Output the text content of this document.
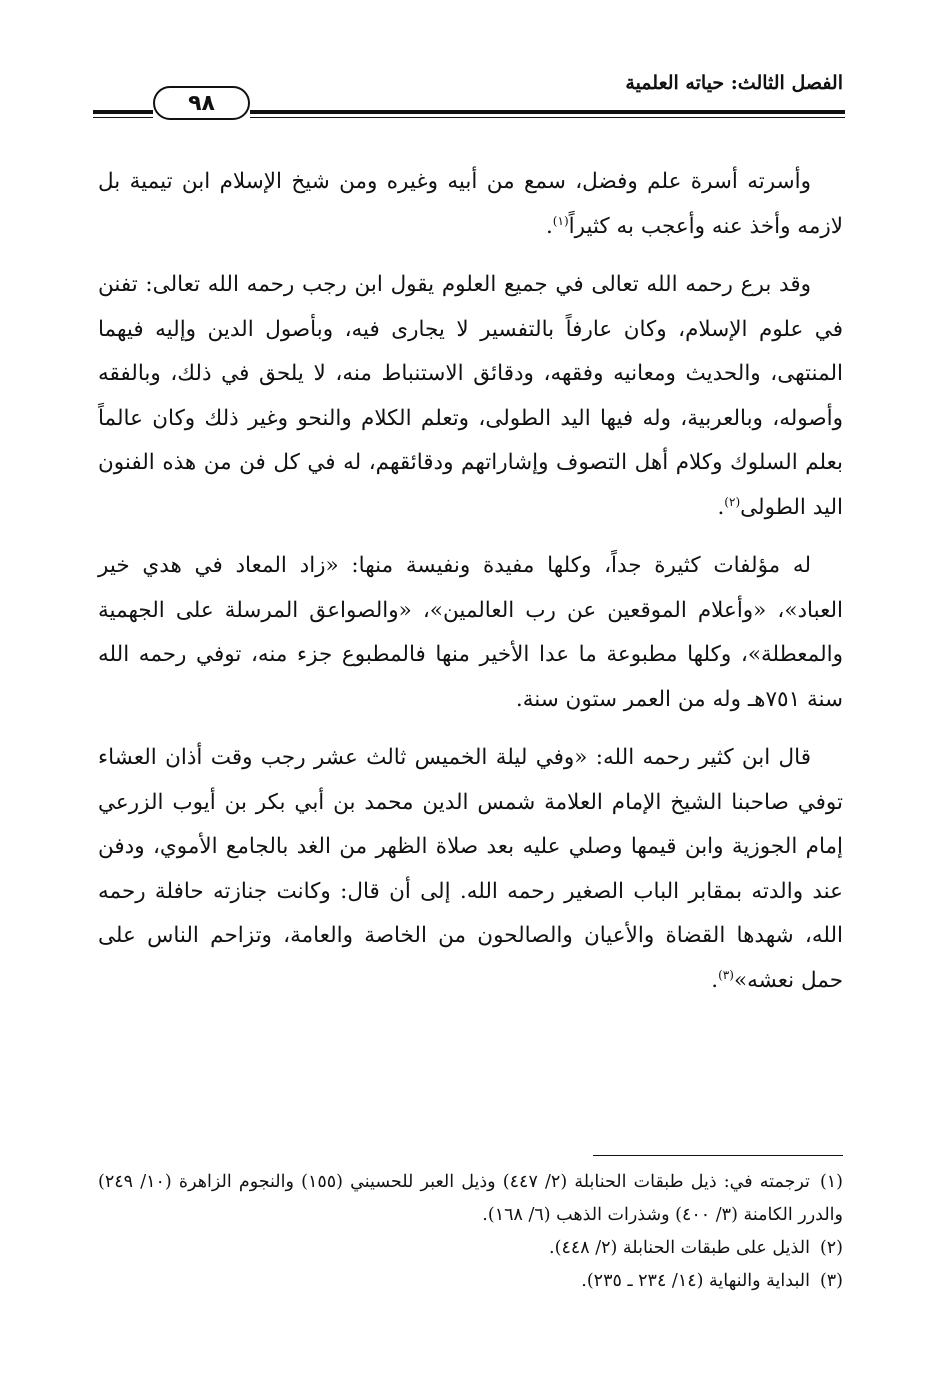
الفصل الثالث: حياته العلمية
٩٨

وأسرته أسرة علم وفضل، سمع من أبيه وغيره ومن شيخ الإسلام ابن تيمية بل لازمه وأخذ عنه وأعجب به كثيراً$^{(١)}$.

وقد برع رحمه الله تعالى في جميع العلوم يقول ابن رجب رحمه الله تعالى: تفنن في علوم الإسلام، وكان عارفاً بالتفسير لا يجارى فيه، وبأصول الدين وإليه فيهما المنتهى، والحديث ومعانيه وفقهه، ودقائق الاستنباط منه، لا يلحق في ذلك، وبالفقه وأصوله، وبالعربية، وله فيها اليد الطولى، وتعلم الكلام والنحو وغير ذلك وكان عالماً بعلم السلوك وكلام أهل التصوف وإشاراتهم ودقائقهم، له في كل فن من هذه الفنون اليد الطولى$^{(٢)}$.

له مؤلفات كثيرة جداً، وكلها مفيدة ونفيسة منها: «زاد المعاد في هدي خير العباد»، «وأعلام الموقعين عن رب العالمين»، «والصواعق المرسلة على الجهمية والمعطلة»، وكلها مطبوعة ما عدا الأخير منها فالمطبوع جزء منه، توفي رحمه الله سنة ٧٥١هـ وله من العمر ستون سنة.

قال ابن كثير رحمه الله: «وفي ليلة الخميس ثالث عشر رجب وقت أذان العشاء توفي صاحبنا الشيخ الإمام العلامة شمس الدين محمد بن أبي بكر بن أيوب الزرعي إمام الجوزية وابن قيمها وصلي عليه بعد صلاة الظهر من الغد بالجامع الأموي، ودفن عند والدته بمقابر الباب الصغير رحمه الله. إلى أن قال: وكانت جنازته حافلة رحمه الله، شهدها القضاة والأعيان والصالحون من الخاصة والعامة، وتزاحم الناس على حمل نعشه»$^{(٣)}$.

(١)ترجمته في: ذيل طبقات الحنابلة (٢/ ٤٤٧) وذيل العبر للحسيني (١٥٥) والنجوم الزاهرة (١٠/ ٢٤٩) والدرر الكامنة (٣/ ٤٠٠) وشذرات الذهب (٦/ ١٦٨).

(٢)الذيل على طبقات الحنابلة (٢/ ٤٤٨).

(٣)البداية والنهاية (١٤/ ٢٣٤ ـ ٢٣٥).
